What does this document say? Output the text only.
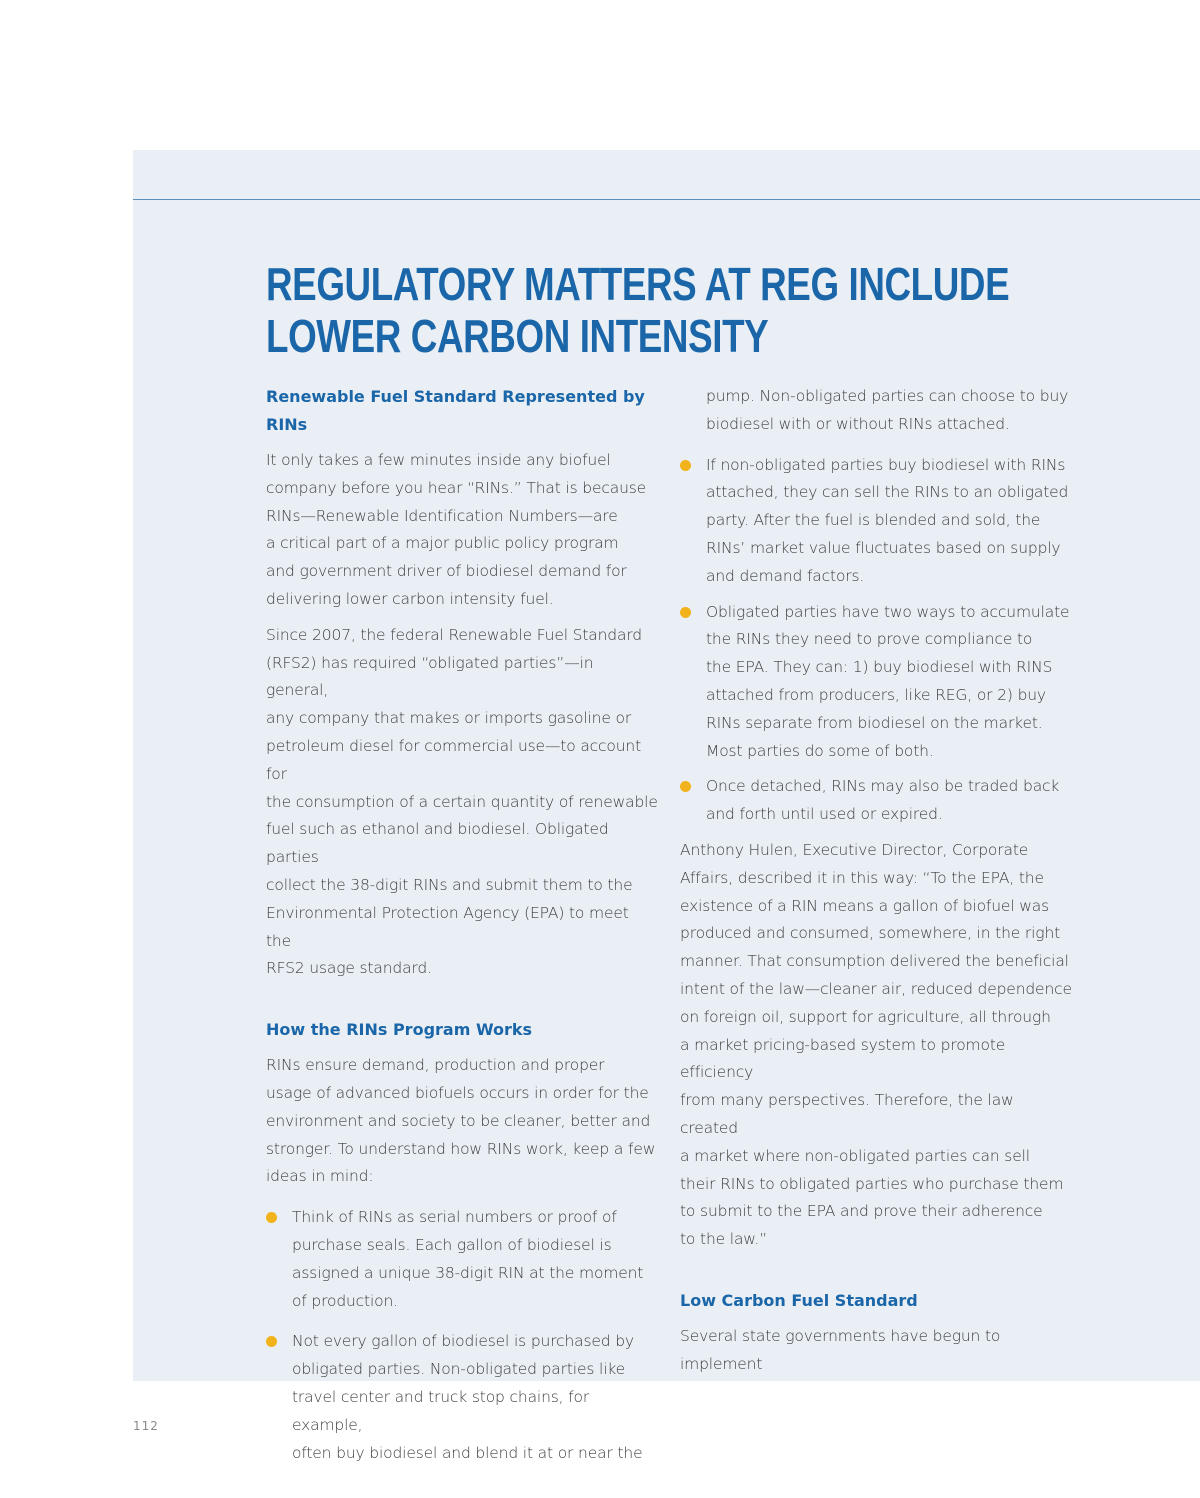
REGULATORY MATTERS AT REG INCLUDE
LOWER CARBON INTENSITY

Renewable Fuel Standard Represented by RINs

It only takes a few minutes inside any biofuel
company before you hear “RINs.” That is because
RINs—Renewable Identification Numbers—are
a critical part of a major public policy program
and government driver of biodiesel demand for
delivering lower carbon intensity fuel.

Since 2007, the federal Renewable Fuel Standard
(RFS2) has required “obligated parties”—in general,
any company that makes or imports gasoline or
petroleum diesel for commercial use—to account for
the consumption of a certain quantity of renewable
fuel such as ethanol and biodiesel. Obligated parties
collect the 38-digit RINs and submit them to the
Environmental Protection Agency (EPA) to meet the
RFS2 usage standard.

How the RINs Program Works

RINs ensure demand, production and proper
usage of advanced biofuels occurs in order for the
environment and society to be cleaner, better and
stronger. To understand how RINs work, keep a few
ideas in mind:

Think of RINs as serial numbers or proof of
purchase seals. Each gallon of biodiesel is
assigned a unique 38-digit RIN at the moment
of production.

Not every gallon of biodiesel is purchased by
obligated parties. Non-obligated parties like
travel center and truck stop chains, for example,
often buy biodiesel and blend it at or near the

pump. Non-obligated parties can choose to buy
biodiesel with or without RINs attached.

If non-obligated parties buy biodiesel with RINs
attached, they can sell the RINs to an obligated
party. After the fuel is blended and sold, the
RINs’ market value fluctuates based on supply
and demand factors.

Obligated parties have two ways to accumulate
the RINs they need to prove compliance to
the EPA. They can: 1) buy biodiesel with RINS
attached from producers, like REG, or 2) buy
RINs separate from biodiesel on the market.
Most parties do some of both.

Once detached, RINs may also be traded back
and forth until used or expired.

Anthony Hulen, Executive Director, Corporate
Affairs, described it in this way: “To the EPA, the
existence of a RIN means a gallon of biofuel was
produced and consumed, somewhere, in the right
manner. That consumption delivered the beneficial
intent of the law—cleaner air, reduced dependence
on foreign oil, support for agriculture, all through
a market pricing-based system to promote efficiency
from many perspectives. Therefore, the law created
a market where non-obligated parties can sell
their RINs to obligated parties who purchase them
to submit to the EPA and prove their adherence
to the law.”

Low Carbon Fuel Standard

Several state governments have begun to implement

112
